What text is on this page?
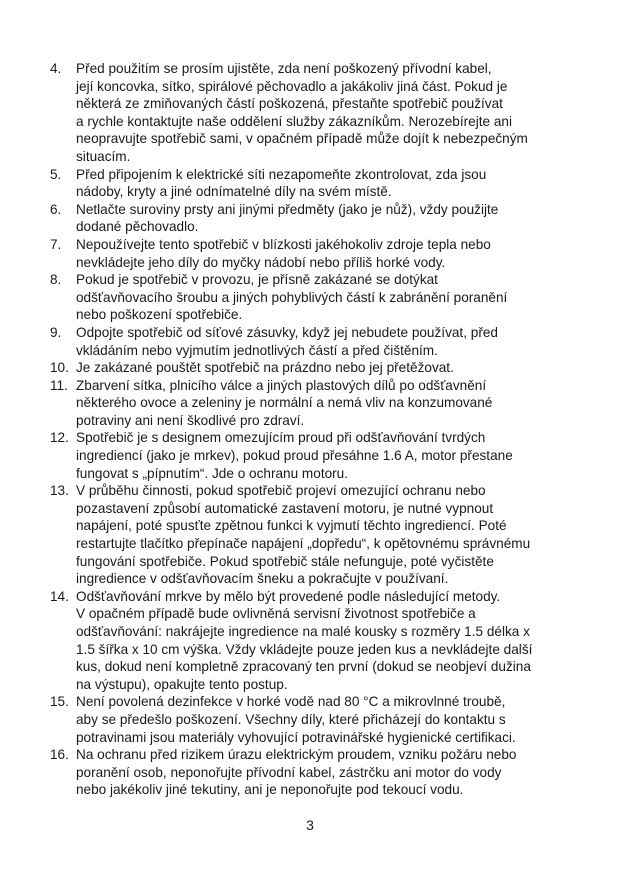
4.	Před použitím se prosím ujistěte, zda není poškozený přívodní kabel,
její koncovka, sítko, spirálové pěchovadlo a jakákoliv jiná část. Pokud je
některá ze zmiňovaných částí poškozená, přestaňte spotřebič používat
a rychle kontaktujte naše oddělení služby zákazníkům. Nerozebírejte ani
neopravujte spotřebič sami, v opačném případě může dojít k nebezpečným
situacím.
5.	Před připojením k elektrické síti nezapomeňte zkontrolovat, zda jsou
nádoby, kryty a jiné odnímatelné díly na svém místě.
6.	Netlačte suroviny prsty ani jinými předměty (jako je nůž), vždy použijte
dodané pěchovadlo.
7.	Nepoužívejte tento spotřebič v blízkosti jakéhokoliv zdroje tepla nebo
nevkládejte jeho díly do myčky nádobí nebo příliš horké vody.
8.	Pokud je spotřebič v provozu, je přísně zakázané se dotýkat
odšťavňovacího šroubu a jiných pohyblivých částí k zabránění poranění
nebo poškození spotřebiče.
9.	Odpojte spotřebič od síťové zásuvky, když jej nebudete používat, před
vkládáním nebo vyjmutím jednotlivých částí a před čištěním.
10. Je zakázané pouštět spotřebič na prázdno nebo jej přetěžovat.
11. Zbarvení sítka, plnicího válce a jiných plastových dílů po odšťavnění
některého ovoce a zeleniny je normální a nemá vliv na konzumované
potraviny ani není škodlivé pro zdraví.
12. Spotřebič je s designem omezujícím proud při odšťavňování tvrdých
ingrediencí (jako je mrkev), pokud proud přesáhne 1.6 A, motor přestane
fungovat s „pípnutím“. Jde o ochranu motoru.
13. V průběhu činnosti, pokud spotřebič projeví omezující ochranu nebo
pozastavení způsobí automatické zastavení motoru, je nutné vypnout
napájení, poté spusťte zpětnou funkci k vyjmutí těchto ingrediencí. Poté
restartujte tlačítko přepínače napájení „dopředu“, k opětovnému správnému
fungování spotřebiče. Pokud spotřebič stále nefunguje, poté vyčistěte
ingredience v odšťavňovacím šneku a pokračujte v používaní.
14. Odšťavňování mrkve by mělo být provedené podle následující metody.
V opačném případě bude ovlivněná servisní životnost spotřebiče a
odšťavňování: nakrájejte ingredience na malé kousky s rozměry 1.5 délka x
1.5 šířka x 10 cm výška. Vždy vkládejte pouze jeden kus a nevkládejte další
kus, dokud není kompletně zpracovaný ten první (dokud se neobjeví dužina
na výstupu), opakujte tento postup.
15. Není povolená dezinfekce v horké vodě nad 80 °C a mikrovlnné troubě,
aby se předešlo poškození. Všechny díly, které přicházejí do kontaktu s
potravinami jsou materiály vyhovující potravinářské hygienické certifikaci.
16. Na ochranu před rizikem úrazu elektrickým proudem, vzniku požáru nebo
poranění osob, neponořujte přívodní kabel, zástrčku ani motor do vody
nebo jakékoliv jiné tekutiny, ani je neponořujte pod tekoucí vodu.
3
